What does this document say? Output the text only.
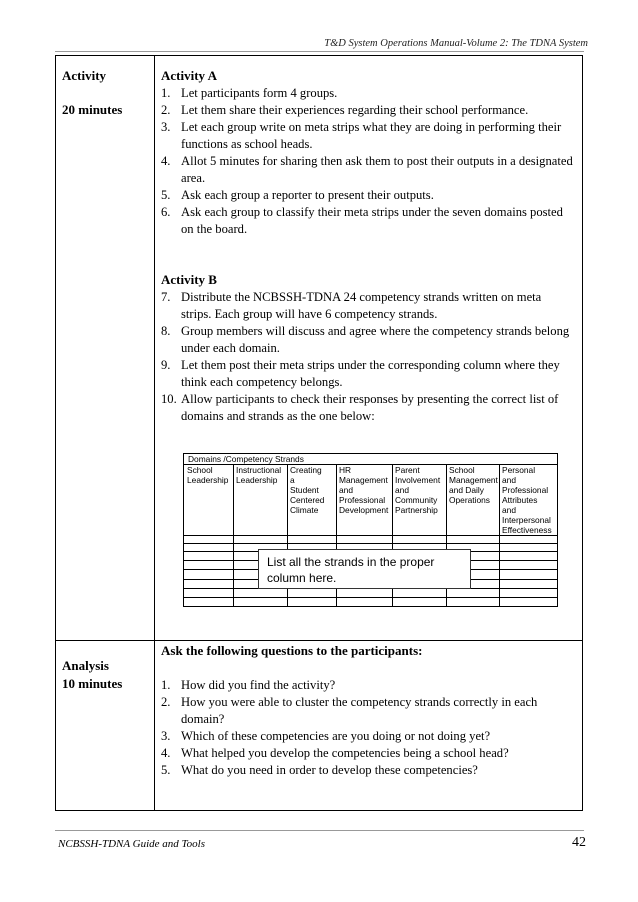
T&D System Operations Manual-Volume 2: The TDNA System
Activity
20 minutes
Activity A
1. Let participants form 4 groups.
2. Let them share their experiences regarding their school performance.
3. Let each group write on meta strips what they are doing in performing their functions as school heads.
4. Allot 5 minutes for sharing then ask them to post their outputs in a designated area.
5. Ask each group a reporter to present their outputs.
6. Ask each group to classify their meta strips under the seven domains posted on the board.
Activity B
7. Distribute the NCBSSH-TDNA 24 competency strands written on meta strips. Each group will have 6 competency strands.
8. Group members will discuss and agree where the competency strands belong under each domain.
9. Let them post their meta strips under the corresponding column where they think each competency belongs.
10. Allow participants to check their responses by presenting the correct list of domains and strands as the one below:
Domains /Competency Strands
School
Leadership
Instructional
Leadership
Creating
a
Student
Centered
Climate
HR
Management
and
Professional
Development
Parent
Involvement
and
Community
Partnership
School
Management
and Daily
Operations
Personal
and
Professional
Attributes
and
Interpersonal
Effectiveness
List all the strands in the proper column here.
Analysis
10 minutes
Ask the following questions to the participants:
1. How did you find the activity?
2. How you were able to cluster the competency strands correctly in each domain?
3. Which of these competencies are you doing or not doing yet?
4. What helped you develop the competencies being a school head?
5. What do you need in order to develop these competencies?
NCBSSH-TDNA Guide and Tools	42
